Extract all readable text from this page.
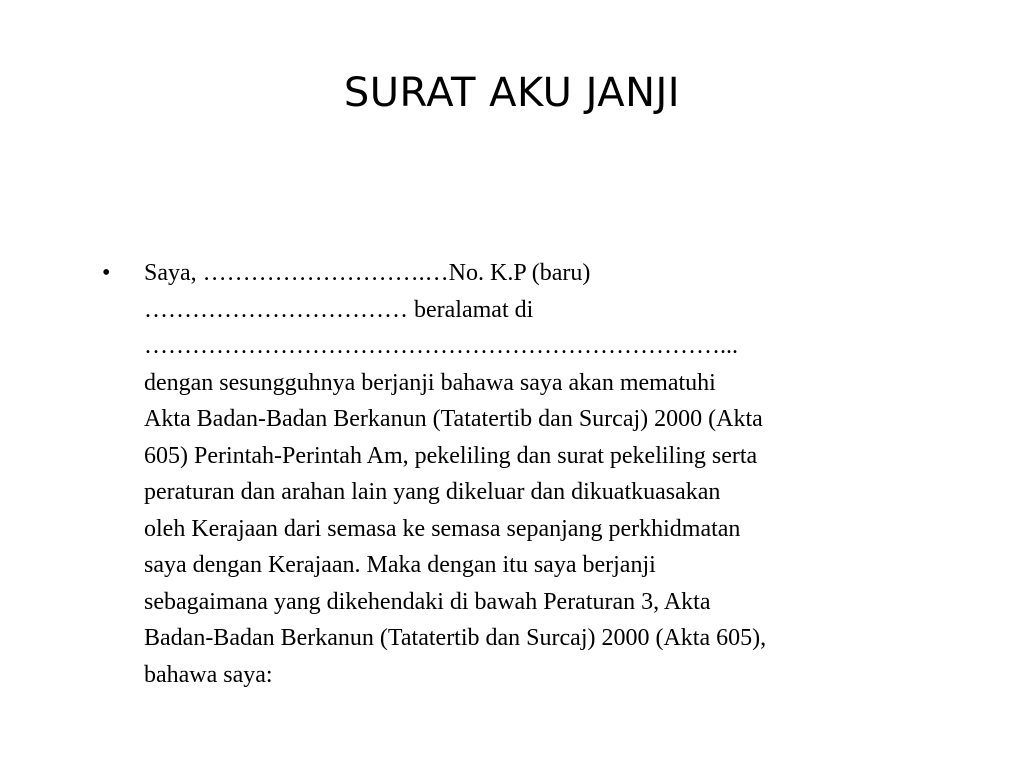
SURAT AKU JANJI
•	Saya, ……………………….…No. K.P (baru)
…………………………… beralamat di
………………………………………………………………...
dengan sesungguhnya berjanji bahawa saya akan mematuhi
Akta Badan-Badan Berkanun (Tatatertib dan Surcaj) 2000 (Akta
605) Perintah-Perintah Am, pekeliling dan surat pekeliling serta
peraturan dan arahan lain yang dikeluar dan dikuatkuasakan
oleh Kerajaan dari semasa ke semasa sepanjang perkhidmatan
saya dengan Kerajaan. Maka dengan itu saya berjanji
sebagaimana yang dikehendaki di bawah Peraturan 3, Akta
Badan-Badan Berkanun (Tatatertib dan Surcaj) 2000 (Akta 605),
bahawa saya:
